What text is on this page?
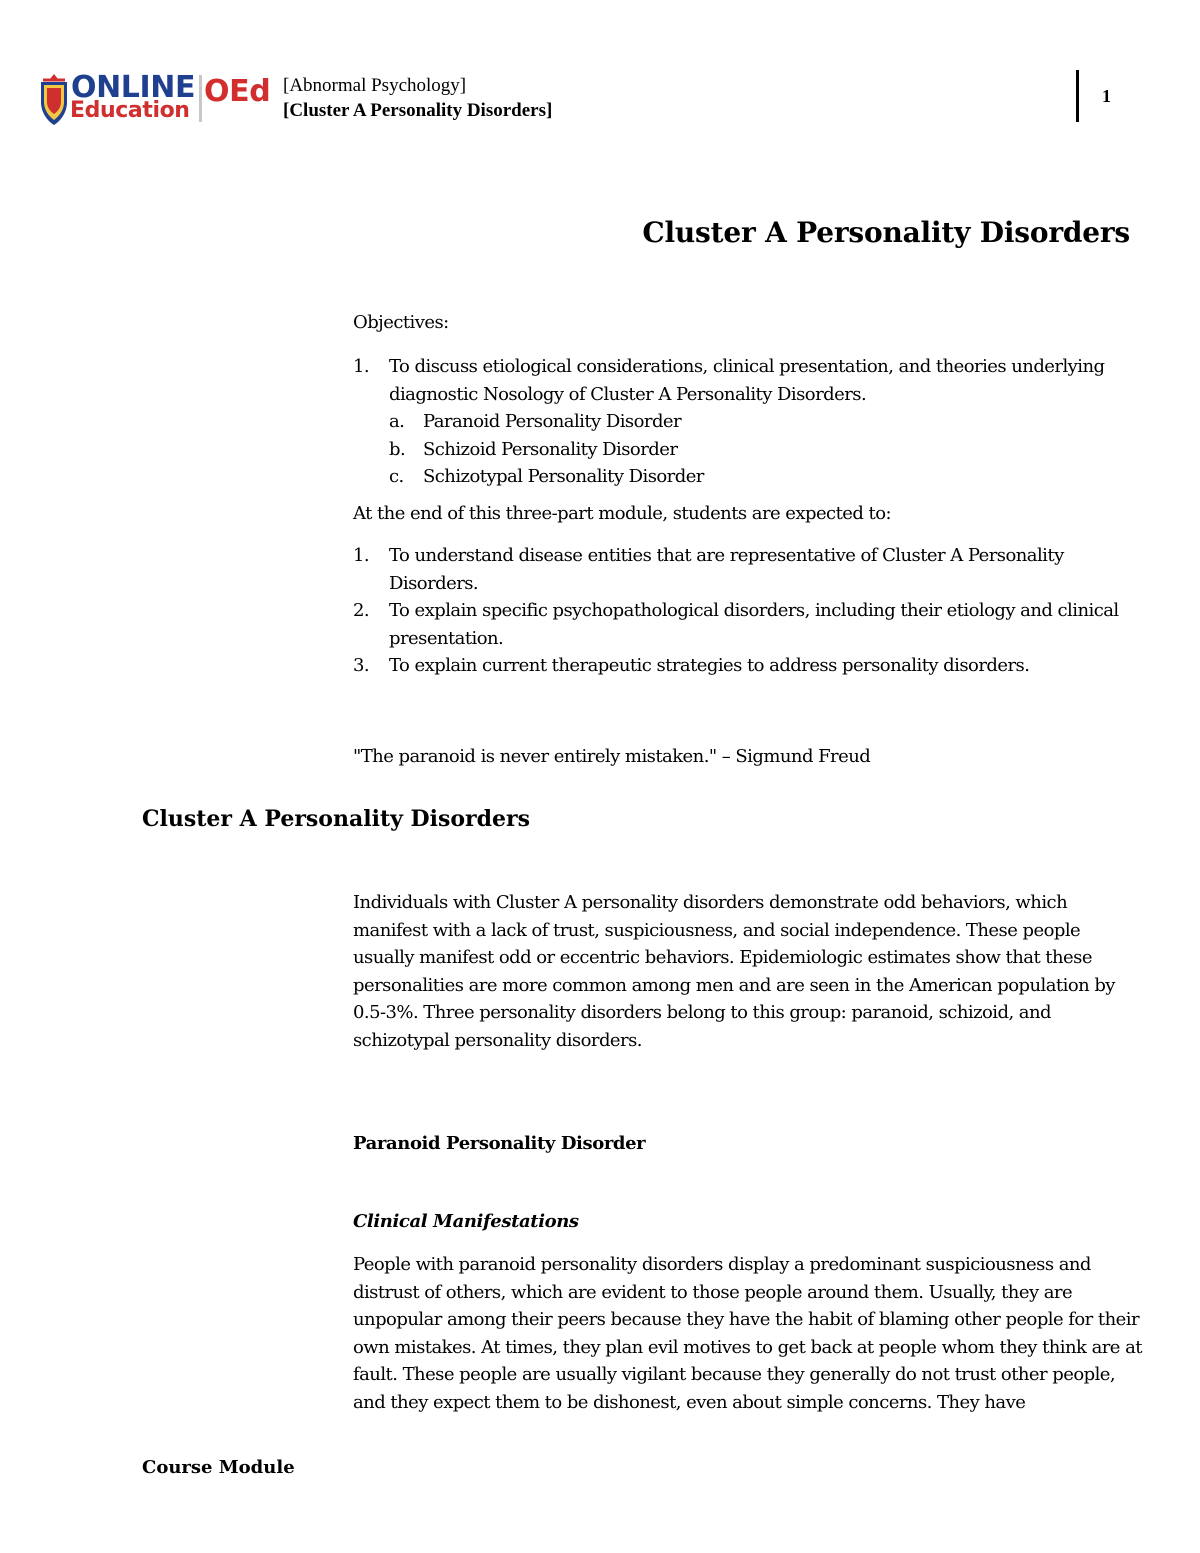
ONLINE
Education
OEd [Abnormal Psychology]
[Cluster A Personality Disorders]
1
Cluster A Personality Disorders
Objectives:
1. To discuss etiological considerations, clinical presentation, and theories underlying diagnostic Nosology of Cluster A Personality Disorders.
a. Paranoid Personality Disorder
b. Schizoid Personality Disorder
c. Schizotypal Personality Disorder
At the end of this three-part module, students are expected to:
1. To understand disease entities that are representative of Cluster A Personality Disorders.
2. To explain specific psychopathological disorders, including their etiology and clinical presentation.
3. To explain current therapeutic strategies to address personality disorders.
"The paranoid is never entirely mistaken." – Sigmund Freud
Cluster A Personality Disorders

Individuals with Cluster A personality disorders demonstrate odd behaviors, which manifest with a lack of trust, suspiciousness, and social independence. These people usually manifest odd or eccentric behaviors. Epidemiologic estimates show that these personalities are more common among men and are seen in the American population by 0.5-3%. Three personality disorders belong to this group: paranoid, schizoid, and schizotypal personality disorders.

Paranoid Personality Disorder
Clinical Manifestations

People with paranoid personality disorders display a predominant suspiciousness and distrust of others, which are evident to those people around them. Usually, they are unpopular among their peers because they have the habit of blaming other people for their own mistakes. At times, they plan evil motives to get back at people whom they think are at fault. These people are usually vigilant because they generally do not trust other people, and they expect them to be dishonest, even about simple concerns. They have

Course Module
